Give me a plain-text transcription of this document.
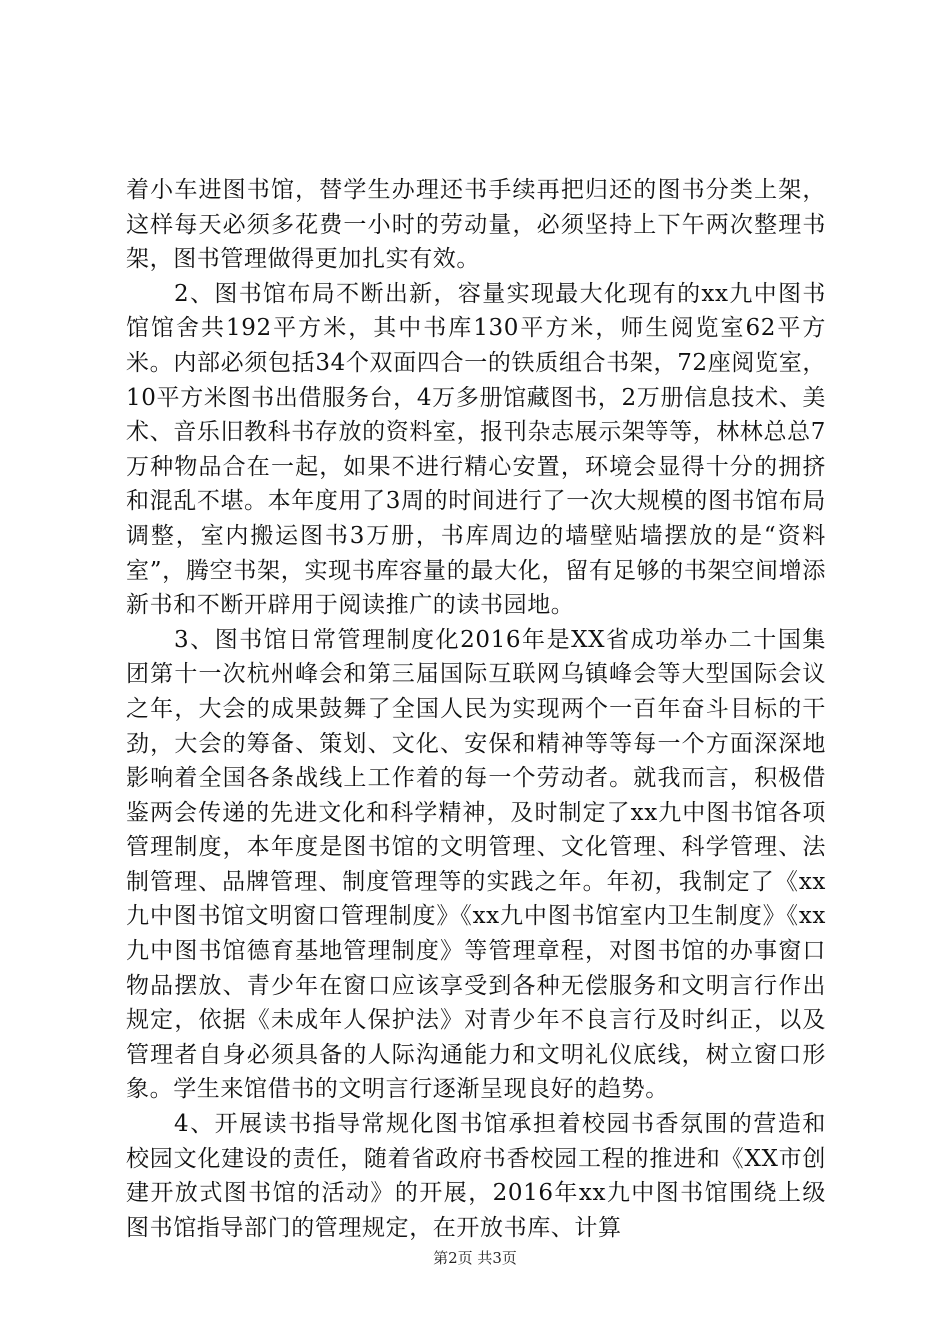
着小车进图书馆，替学生办理还书手续再把归还的图书分类上架，这样每天必须多花费一小时的劳动量，必须坚持上下午两次整理书架，图书管理做得更加扎实有效。

2、图书馆布局不断出新，容量实现最大化现有的xx九中图书馆馆舍共192平方米，其中书库130平方米，师生阅览室62平方米。内部必须包括34个双面四合一的铁质组合书架，72座阅览室，10平方米图书出借服务台，4万多册馆藏图书，2万册信息技术、美术、音乐旧教科书存放的资料室，报刊杂志展示架等等，林林总总7万种物品合在一起，如果不进行精心安置，环境会显得十分的拥挤和混乱不堪。本年度用了3周的时间进行了一次大规模的图书馆布局调整，室内搬运图书3万册，书库周边的墙壁贴墙摆放的是“资料室”，腾空书架，实现书库容量的最大化，留有足够的书架空间增添新书和不断开辟用于阅读推广的读书园地。

3、图书馆日常管理制度化2016年是XX省成功举办二十国集团第十一次杭州峰会和第三届国际互联网乌镇峰会等大型国际会议之年，大会的成果鼓舞了全国人民为实现两个一百年奋斗目标的干劲，大会的筹备、策划、文化、安保和精神等等每一个方面深深地影响着全国各条战线上工作着的每一个劳动者。就我而言，积极借鉴两会传递的先进文化和科学精神，及时制定了xx九中图书馆各项管理制度，本年度是图书馆的文明管理、文化管理、科学管理、法制管理、品牌管理、制度管理等的实践之年。年初，我制定了《xx九中图书馆文明窗口管理制度》《xx九中图书馆室内卫生制度》《xx九中图书馆德育基地管理制度》等管理章程，对图书馆的办事窗口物品摆放、青少年在窗口应该享受到各种无偿服务和文明言行作出规定，依据《未成年人保护法》对青少年不良言行及时纠正，以及管理者自身必须具备的人际沟通能力和文明礼仪底线，树立窗口形象。学生来馆借书的文明言行逐渐呈现良好的趋势。

4、开展读书指导常规化图书馆承担着校园书香氛围的营造和校园文化建设的责任，随着省政府书香校园工程的推进和《XX市创建开放式图书馆的活动》的开展，2016年xx九中图书馆围绕上级图书馆指导部门的管理规定，在开放书库、计算

第2页 共3页
